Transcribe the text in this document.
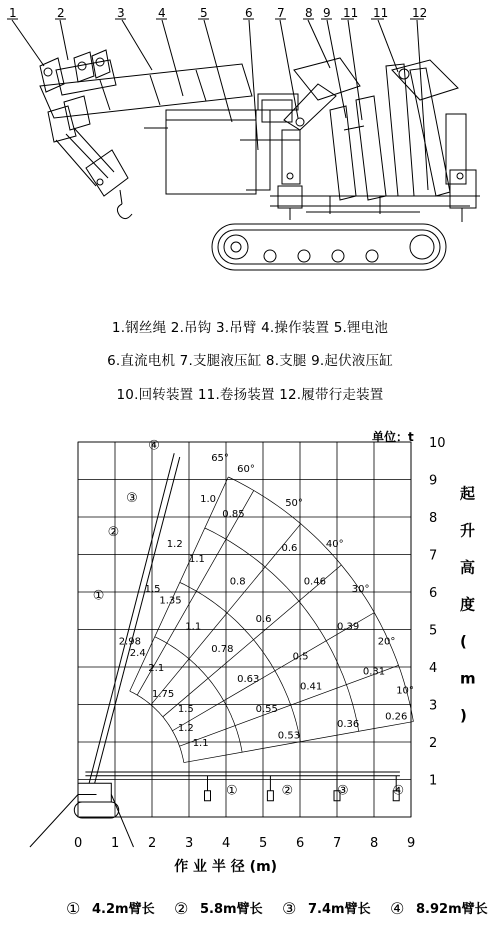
1	2	3	4	5	6 7 8 9 11 11 12
1.钢丝绳 2.吊钩 3.吊臂 4.操作装置 5.锂电池
6.直流电机 7.支腿液压缸 8.支腿 9.起伏液压缸
10.回转装置 11.卷扬装置 12.履带行走装置
0 1 2 3 4 5 6 7 8 9
1
2
3
4
5
6
7
8
9
10
作 业 半 径 (m)
起
升
高
度
(
m
)
单位：t
65°
60°
50°
40°
30°
20°
10°
1.0
0.85
1.2	0.6
1.1
1.5
0.8	0.46
1.35
1.1
0.6
0.39
2.98
2.4	0.78
0.5
2.1	0.31
0.63
0.41
1.75
1.5	0.55
0.26
1.2	0.36
0.53
1.1
①
②
③
④
①	②	③	④
① 4.2m臂长 ② 5.8m臂长 ③ 7.4m臂长 ④ 8.92m臂长
